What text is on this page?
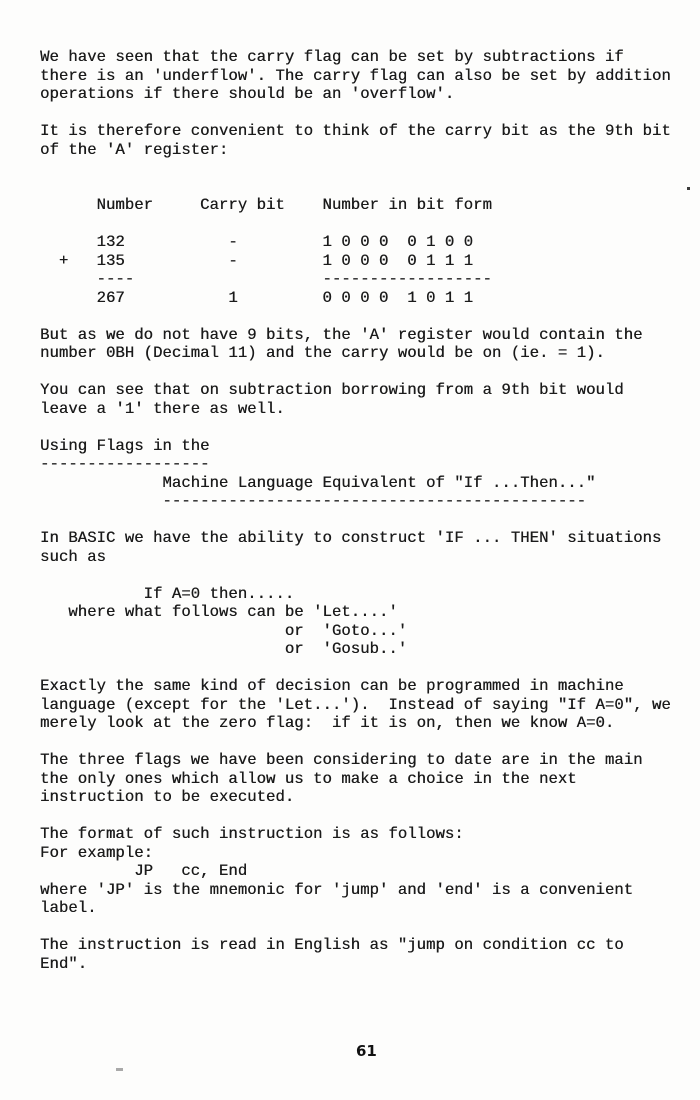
We have seen that the carry flag can be set by subtractions if
there is an 'underflow'. The carry flag can also be set by addition
operations if there should be an 'overflow'.
It is therefore convenient to think of the carry bit as the 9th bit
of the 'A' register:
Number     Carry bit    Number in bit form
132           -         1 0 0 0  0 1 0 0
+   135           -         1 0 0 0  0 1 1 1
----                    ------------------
267           1         0 0 0 0  1 0 1 1
But as we do not have 9 bits, the 'A' register would contain the
number 0BH (Decimal 11) and the carry would be on (ie. = 1).
You can see that on subtraction borrowing from a 9th bit would
leave a '1' there as well.
Using Flags in the
------------------
Machine Language Equivalent of "If ...Then..."
---------------------------------------------
In BASIC we have the ability to construct 'IF ... THEN' situations
such as
If A=0 then.....
where what follows can be 'Let....'
or  'Goto...'
or  'Gosub..'
Exactly the same kind of decision can be programmed in machine
language (except for the 'Let...').  Instead of saying "If A=0", we
merely look at the zero flag:  if it is on, then we know A=0.
The three flags we have been considering to date are in the main
the only ones which allow us to make a choice in the next
instruction to be executed.
The format of such instruction is as follows:
For example:
JP   cc, End
where 'JP' is the mnemonic for 'jump' and 'end' is a convenient
label.
The instruction is read in English as "jump on condition cc to
End".
61
